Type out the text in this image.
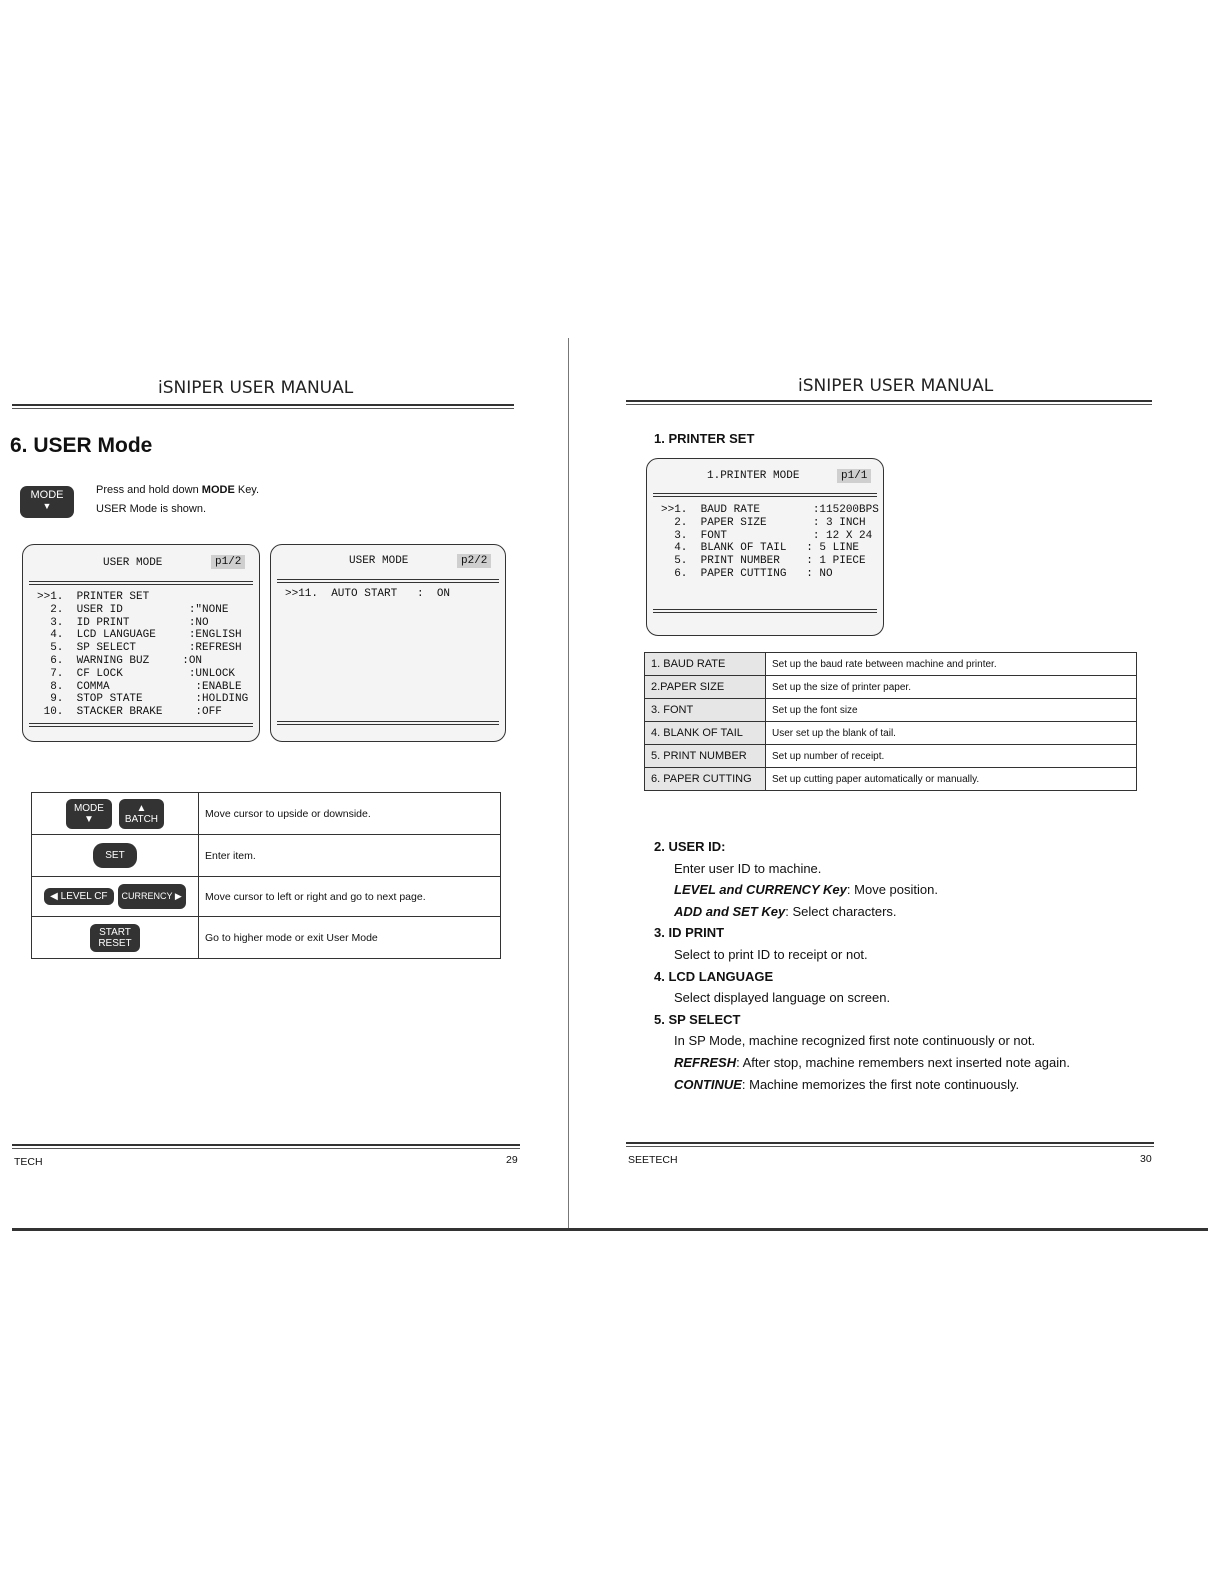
iSNIPER USER MANUAL
6. USER Mode
MODE
▼
Press and hold down MODE Key.
USER Mode is shown.
USER MODE	p1/2
>>1.  PRINTER SET
2.  USER ID          :"NONE
3.  ID PRINT         :NO
4.  LCD LANGUAGE     :ENGLISH
5.  SP SELECT        :REFRESH
6.  WARNING BUZ     :ON
7.  CF LOCK          :UNLOCK
8.  COMMA             :ENABLE
9.  STOP STATE        :HOLDING
10.  STACKER BRAKE     :OFF
USER MODE	p2/2
>>11.  AUTO START   :  ON
MODE
▼ ▲
BATCH	Move cursor to upside or downside.
SET	Enter item.
◀ LEVEL CF CURRENCY ▶	Move cursor to left or right and go to next page.
START RESET	Go to higher mode or exit User Mode
TECH	29
iSNIPER USER MANUAL
1. PRINTER SET
1.PRINTER MODE	p1/1
>>1.  BAUD RATE        :115200BPS
2.  PAPER SIZE       : 3 INCH
3.  FONT             : 12 X 24
4.  BLANK OF TAIL   : 5 LINE
5.  PRINT NUMBER    : 1 PIECE
6.  PAPER CUTTING   : NO
1. BAUD RATE	Set up the baud rate between machine and printer.
2.PAPER SIZE	Set up the size of printer paper.
3. FONT	Set up the font size
4. BLANK OF TAIL	User set up the blank of tail.
5. PRINT NUMBER	Set up number of receipt.
6. PAPER CUTTING	Set up cutting paper automatically or manually.
2. USER ID:
Enter user ID to machine.
LEVEL and CURRENCY Key: Move position.
ADD and SET Key: Select characters.
3. ID PRINT
Select to print ID to receipt or not.
4. LCD LANGUAGE
Select displayed language on screen.
5. SP SELECT
In SP Mode, machine recognized first note continuously or not.
REFRESH: After stop, machine remembers next inserted note again.
CONTINUE: Machine memorizes the first note continuously.
SEETECH	30
